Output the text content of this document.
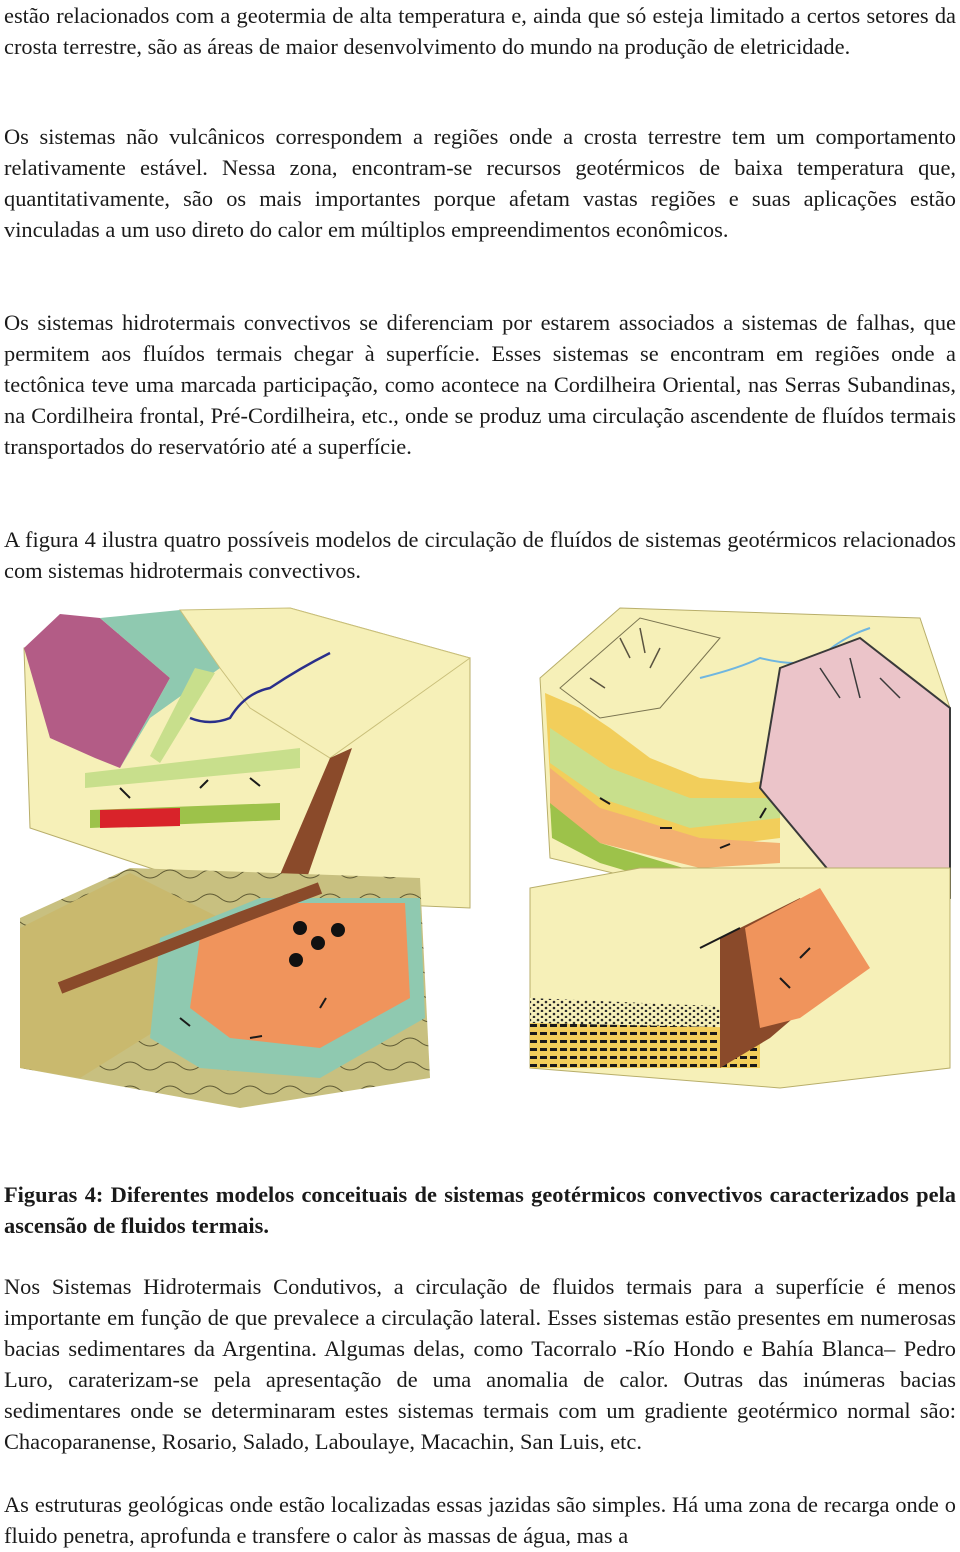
estão relacionados com a geotermia de alta temperatura e, ainda que só esteja limitado a certos setores da crosta terrestre, são as áreas de maior desenvolvimento do mundo na produção de eletricidade.

Os sistemas não vulcânicos correspondem a regiões onde a crosta terrestre tem um comportamento relativamente estável. Nessa zona, encontram-se recursos geotérmicos de baixa temperatura que, quantitativamente, são os mais importantes porque afetam vastas regiões e suas aplicações estão vinculadas a um uso direto do calor em múltiplos empreendimentos econômicos.

Os sistemas hidrotermais convectivos se diferenciam por estarem associados a sistemas de falhas, que permitem aos fluídos termais chegar à superfície. Esses sistemas se encontram em regiões onde a tectônica teve uma marcada participação, como acontece na Cordilheira Oriental, nas Serras Subandinas, na Cordilheira frontal, Pré-Cordilheira, etc., onde se produz uma circulação ascendente de fluídos termais transportados do reservatório até a superfície.

A figura 4 ilustra quatro possíveis modelos de circulação de fluídos de sistemas geotérmicos relacionados com sistemas hidrotermais convectivos.

Figuras 4: Diferentes modelos conceituais de sistemas geotérmicos convectivos caracterizados pela ascensão de fluidos termais.

Nos Sistemas Hidrotermais Condutivos, a circulação de fluidos termais para a superfície é menos importante em função de que prevalece a circulação lateral. Esses sistemas estão presentes em numerosas bacias sedimentares da Argentina. Algumas delas, como Tacorralo -Río Hondo e Bahía Blanca– Pedro Luro, caraterizam-se pela apresentação de uma anomalia de calor. Outras das inúmeras bacias sedimentares onde se determinaram estes sistemas termais com um gradiente geotérmico normal são: Chacoparanense, Rosario, Salado, Laboulaye, Macachin, San Luis, etc.

As estruturas geológicas onde estão localizadas essas jazidas são simples. Há uma zona de recarga onde o fluido penetra, aprofunda e transfere o calor às massas de água, mas a
